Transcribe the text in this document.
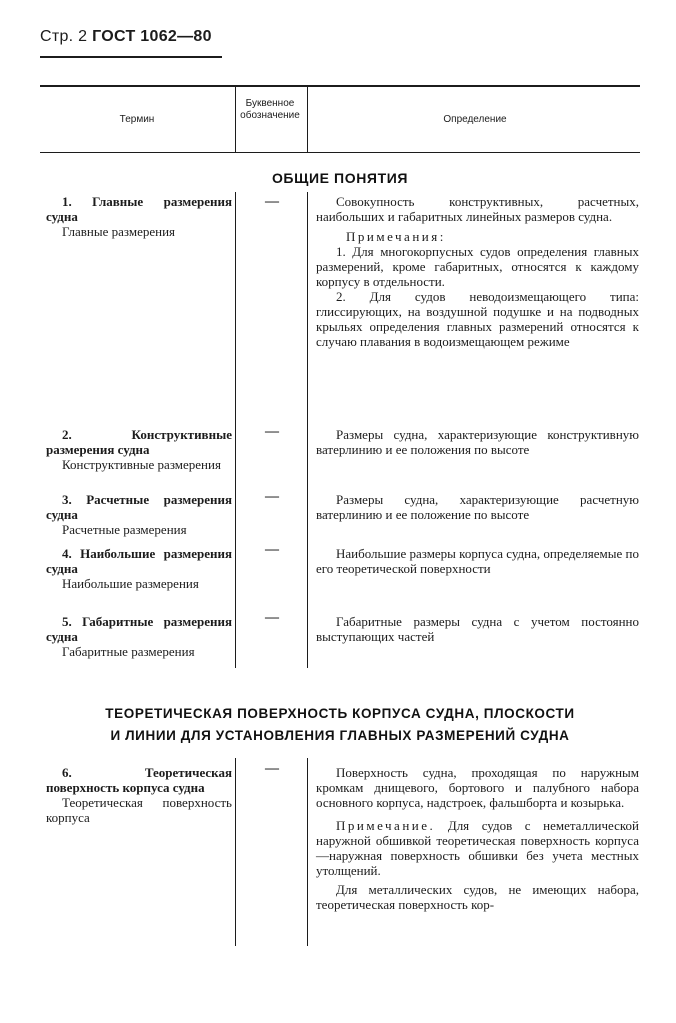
Стр. 2 ГОСТ 1062—80
Термин
Буквенное обозначение	Определение
ОБЩИЕ ПОНЯТИЯ
1. Главные размерения судна
Главные размерения
—	Совокупность конструктивных, расчетных, наибольших и габаритных линейных размеров судна.

Примечания:

1. Для многокорпусных судов определения главных размерений, кроме габаритных, относятся к каждому корпусу в отдельности.

2. Для судов неводоизмещающего типа: глиссирующих, на воздушной подушке и на подводных крыльях определения главных размерений относятся к случаю плавания в водоизмещающем режиме

2. Конструктивные размерения судна
Конструктивные размерения
—	Размеры судна, характеризующие конструктивную ватерлинию и ее положения по высоте

3. Расчетные размерения судна
Расчетные размерения
—	Размеры судна, характеризующие расчетную ватерлинию и ее положение по высоте

4. Наибольшие размерения судна
Наибольшие размерения
—	Наибольшие размеры корпуса судна, определяемые по его теоретической поверхности

5. Габаритные размерения судна
Габаритные размерения
—	Габаритные размеры судна с учетом постоянно выступающих частей

ТЕОРЕТИЧЕСКАЯ ПОВЕРХНОСТЬ КОРПУСА СУДНА, ПЛОСКОСТИ
И ЛИНИИ ДЛЯ УСТАНОВЛЕНИЯ ГЛАВНЫХ РАЗМЕРЕНИЙ СУДНА
6. Теоретическая поверхность корпуса судна
Теоретическая поверхность корпуса
—	Поверхность судна, проходящая по наружным кромкам днищевого, бортового и палубного набора основного корпуса, надстроек, фальшборта и козырька.

Примечание. Для судов с неметаллической наружной обшивкой теоретическая поверхность корпуса—наружная поверхность обшивки без учета местных утолщений.

Для металлических судов, не имеющих набора, теоретическая поверхность кор-
